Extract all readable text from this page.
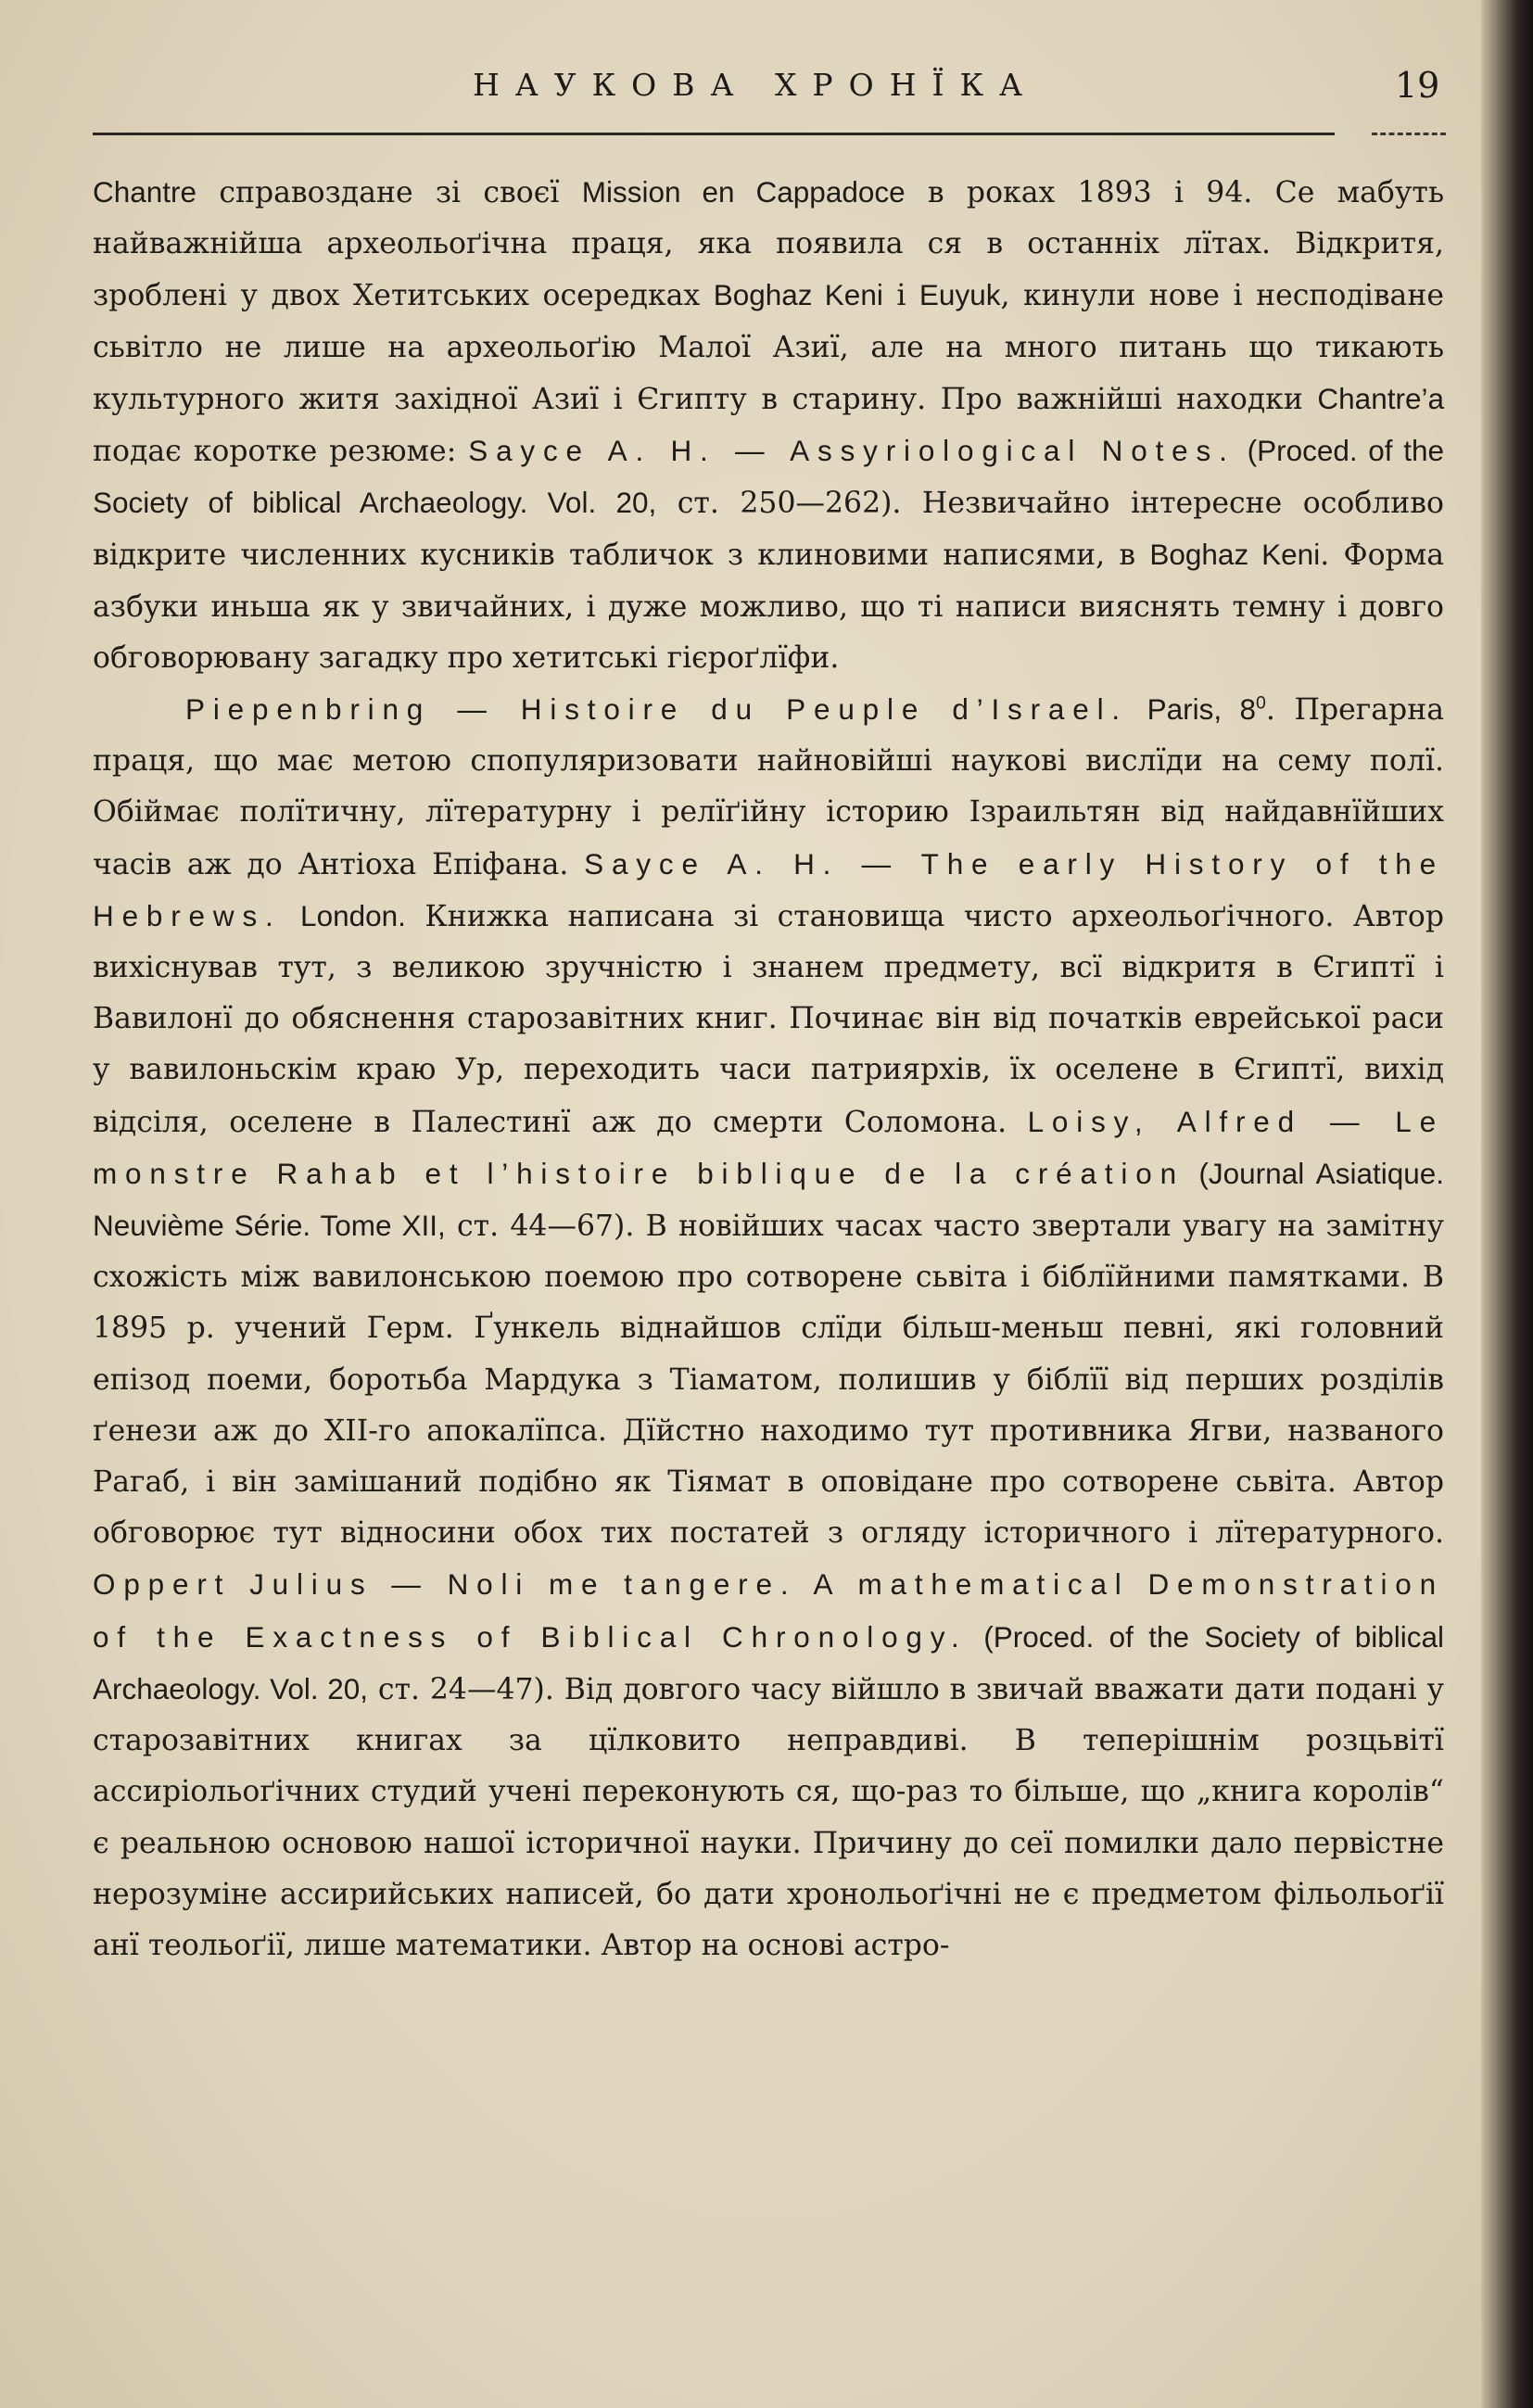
НАУКОВА ХРОНЇКА	19

Chantre справоздане зі своєї Mission en Cappadoce в роках 1893 і 94. Се мабуть найважнійша археольоґічна праця, яка появила ся в останніх лїтах. Відкритя, зроблені у двох Хетитських осередках Boghaz Keni і Euyuk, кинули нове і несподіване сьвітло не лише на археольоґію Малої Азиї, але на много питань що тикають культурного житя західної Азиї і Єгипту в старину. Про важнійші находки Chantre’a подає коротке резюме: Sayce A. H. — Assyriological Notes. (Proced. of the Society of biblical Archaeology. Vol. 20, ст. 250—262). Незвичайно інтересне особливо відкрите численних кусників табличок з клиновими написями, в Boghaz Keni. Форма азбуки иньша як у звичайних, і дуже можливо, що ті написи вияснять темну і довго обговорювану загадку про хетитські гієроґлїфи.

Piepenbring — Histoire du Peuple d’Israel. Paris, $8^0$. Прегарна праця, що має метою спопуляризовати найновійші наукові вислїди на сему полї. Обіймає полїтичну, лїтературну і релїґійну історию Ізраильтян від найдавнїйших часів аж до Антіоха Епіфана. Sayce A. H. — The early History of the Hebrews. London. Книжка написана зі становища чисто археольоґічного. Автор вихіснував тут, з великою зручністю і знанем предмету, всї відкритя в Єгиптї і Вавилонї до обяснення старозавітних книг. Починає він від початків еврейської раси у вавилоньскім краю Ур, переходить часи патриярхів, їх оселене в Єгиптї, вихід відсіля, оселене в Палестинї аж до смерти Соломона. Loisy, Alfred — Le monstre Rahab et l’histoire biblique de la création (Journal Asiatique. Neuvième Série. Tome XII, ст. 44—67). В новійших часах часто звертали увагу на замітну схожість між вавилонською поемою про сотворене сьвіта і біблїйними памятками. В 1895 р. учений Герм. Ґункель віднайшов слїди більш-меньш певні, які головний епізод поеми, боротьба Мардука з Тіаматом, полишив у біблїї від перших розділів ґенези аж до XII-го апокалїпса. Дїйстно находимо тут противника Ягви, названого Рагаб, і він замішаний подібно як Тіямат в оповідане про сотворене сьвіта. Автор обговорює тут відносини обох тих постатей з огляду історичного і лїтературного. Oppert Julius — Noli me tangere. A mathematical Demonstration of the Exactness of Biblical Chronology. (Proced. of the Society of biblical Archaeology. Vol. 20, ст. 24—47). Від довгого часу війшло в звичай вважати дати подані у старозавітних книгах за цїлковито неправдиві. В теперішнім розцьвітї ассиріольоґічних студий учені переконують ся, що-раз то більше, що „книга королів“ є реальною основою нашої історичної науки. Причину до сеї помилки дало первістне нерозуміне ассирийських написей, бо дати хронольоґічні не є предметом фільольоґії анї теольоґії, лише математики. Автор на основі астро-
